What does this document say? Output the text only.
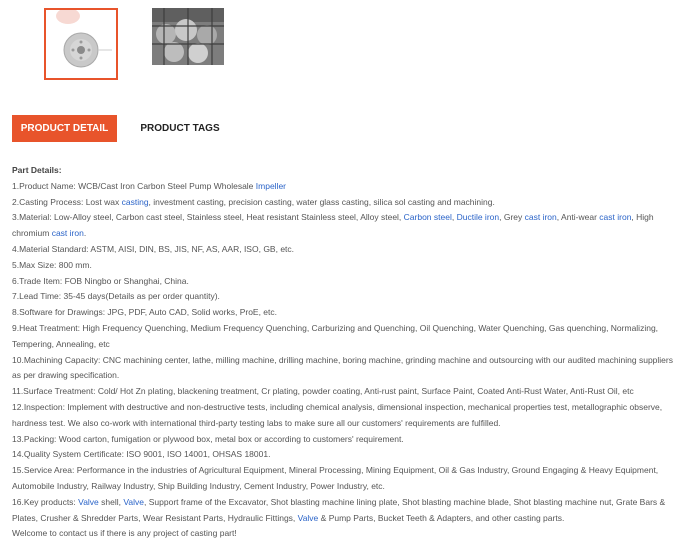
PRODUCT DETAIL	PRODUCT TAGS

Part Details:

1.Product Name: WCB/Cast Iron Carbon Steel Pump Wholesale Impeller

2.Casting Process: Lost wax casting, investment casting, precision casting, water glass casting, silica sol casting and machining.

3.Material: Low-Alloy steel, Carbon cast steel, Stainless steel, Heat resistant Stainless steel, Alloy steel, Carbon steel, Ductile iron, Grey cast iron, Anti-wear cast iron, High chromium cast iron.

4.Material Standard: ASTM, AISI, DIN, BS, JIS, NF, AS, AAR, ISO, GB, etc.

5.Max Size: 800 mm.

6.Trade Item: FOB Ningbo or Shanghai, China.

7.Lead Time: 35-45 days(Details as per order quantity).

8.Software for Drawings: JPG, PDF, Auto CAD, Solid works, ProE, etc.

9.Heat Treatment: High Frequency Quenching, Medium Frequency Quenching, Carburizing and Quenching, Oil Quenching, Water Quenching, Gas quenching, Normalizing, Tempering, Annealing, etc

10.Machining Capacity: CNC machining center, lathe, milling machine, drilling machine, boring machine, grinding machine and outsourcing with our audited machining suppliers as per drawing specification.

11.Surface Treatment: Cold/ Hot Zn plating, blackening treatment, Cr plating, powder coating, Anti-rust paint, Surface Paint, Coated Anti-Rust Water, Anti-Rust Oil, etc

12.Inspection: Implement with destructive and non-destructive tests, including chemical analysis, dimensional inspection, mechanical properties test, metallographic observe, hardness test. We also co-work with international third-party testing labs to make sure all our customers' requirements are fulfilled.

13.Packing: Wood carton, fumigation or plywood box, metal box or according to customers' requirement.

14.Quality System Certificate: ISO 9001, ISO 14001, OHSAS 18001.

15.Service Area: Performance in the industries of Agricultural Equipment, Mineral Processing, Mining Equipment, Oil & Gas Industry, Ground Engaging & Heavy Equipment, Automobile Industry, Railway Industry, Ship Building Industry, Cement Industry, Power Industry, etc.

16.Key products: Valve shell, Valve, Support frame of the Excavator, Shot blasting machine lining plate, Shot blasting machine blade, Shot blasting machine nut, Grate Bars & Plates, Crusher & Shredder Parts, Wear Resistant Parts, Hydraulic Fittings, Valve & Pump Parts, Bucket Teeth & Adapters, and other casting parts.

Welcome to contact us if there is any project of casting part!
